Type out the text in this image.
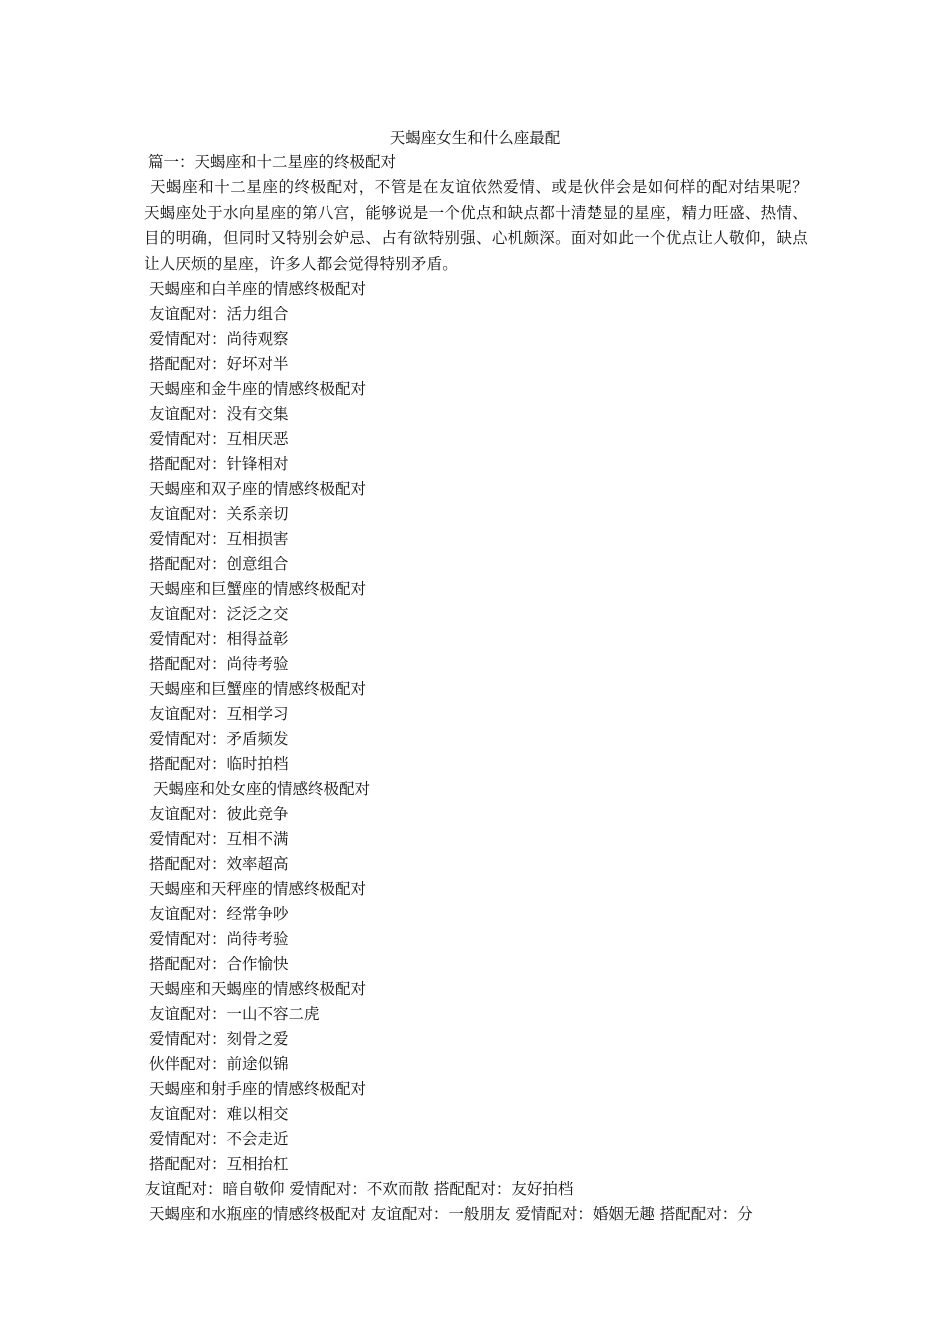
天蝎座女生和什么座最配
篇一：天蝎座和十二星座的终极配对

天蝎座和十二星座的终极配对，不管是在友谊依然爱情、或是伙伴会是如何样的配对结果呢？天蝎座处于水向星座的第八宫，能够说是一个优点和缺点都十清楚显的星座，精力旺盛、热情、目的明确，但同时又特别会妒忌、占有欲特别强、心机颇深。面对如此一个优点让人敬仰，缺点让人厌烦的星座，许多人都会觉得特别矛盾。

天蝎座和白羊座的情感终极配对
友谊配对：活力组合
爱情配对：尚待观察
搭配配对：好坏对半
天蝎座和金牛座的情感终极配对
友谊配对：没有交集
爱情配对：互相厌恶
搭配配对：针锋相对
天蝎座和双子座的情感终极配对
友谊配对：关系亲切
爱情配对：互相损害
搭配配对：创意组合
天蝎座和巨蟹座的情感终极配对
友谊配对：泛泛之交
爱情配对：相得益彰
搭配配对：尚待考验
天蝎座和巨蟹座的情感终极配对
友谊配对：互相学习
爱情配对：矛盾频发
搭配配对：临时拍档
天蝎座和处女座的情感终极配对
友谊配对：彼此竞争
爱情配对：互相不满
搭配配对：效率超高
天蝎座和天秤座的情感终极配对
友谊配对：经常争吵
爱情配对：尚待考验
搭配配对：合作愉快
天蝎座和天蝎座的情感终极配对
友谊配对：一山不容二虎
爱情配对：刻骨之爱
伙伴配对：前途似锦
天蝎座和射手座的情感终极配对
友谊配对：难以相交
爱情配对：不会走近
搭配配对：互相抬杠
友谊配对：暗自敬仰 爱情配对：不欢而散 搭配配对：友好拍档
天蝎座和水瓶座的情感终极配对 友谊配对：一般朋友 爱情配对：婚姻无趣 搭配配对：分
